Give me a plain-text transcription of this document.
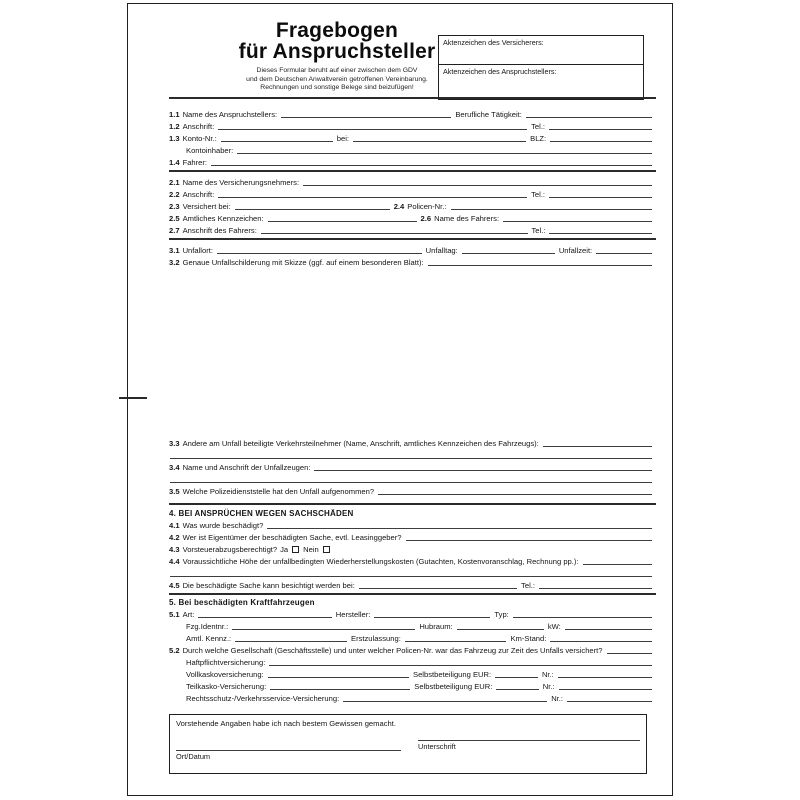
Fragebogen
für Anspruchsteller
Dieses Formular beruht auf einer zwischen dem GDV
und dem Deutschen Anwaltverein getroffenen Vereinbarung.
Rechnungen und sonstige Belege sind beizufügen!
Aktenzeichen des Versicherers:
Aktenzeichen des Anspruchstellers:
1.1 Name des Anspruchstellers:	Berufliche Tätigkeit:
1.2 Anschrift:	Tel.:
1.3 Konto-Nr.:	bei:	BLZ:
Kontoinhaber:
1.4 Fahrer:
2.1 Name des Versicherungsnehmers:
2.2 Anschrift:	Tel.:
2.3 Versichert bei:	2.4 Policen-Nr.:
2.5 Amtliches Kennzeichen:	2.6 Name des Fahrers:
2.7 Anschrift des Fahrers:	Tel.:
3.1 Unfallort:	Unfalltag:	Unfallzeit:
3.2 Genaue Unfallschilderung mit Skizze (ggf. auf einem besonderen Blatt):
3.3 Andere am Unfall beteiligte Verkehrsteilnehmer (Name, Anschrift, amtliches Kennzeichen des Fahrzeugs):
3.4 Name und Anschrift der Unfallzeugen:
3.5 Welche Polizeidienststelle hat den Unfall aufgenommen?
4. BEI ANSPRÜCHEN WEGEN SACHSCHÄDEN
4.1 Was wurde beschädigt?
4.2 Wer ist Eigentümer der beschädigten Sache, evtl. Leasinggeber?
4.3 Vorsteuerabzugsberechtigt? Ja Nein
4.4 Voraussichtliche Höhe der unfallbedingten Wiederherstellungskosten (Gutachten, Kostenvoranschlag, Rechnung pp.):
4.5 Die beschädigte Sache kann besichtigt werden bei:	Tel.:
5. Bei beschädigten Kraftfahrzeugen
5.1 Art:	Hersteller:	Typ:
Fzg.Identnr.:	Hubraum:	kW:
Amtl. Kennz.:	Erstzulassung:	Km-Stand:
5.2 Durch welche Gesellschaft (Geschäftsstelle) und unter welcher Policen-Nr. war das Fahrzeug zur Zeit des Unfalls versichert?
Haftpflichtversicherung:
Vollkaskoversicherung:	Selbstbeteiligung EUR:	Nr.:
Teilkasko-Versicherung:	Selbstbeteiligung EUR:	Nr.:
Rechtsschutz-/Verkehrsservice-Versicherung:	Nr.:
Vorstehende Angaben habe ich nach bestem Gewissen gemacht.
Ort/Datum
Unterschrift
